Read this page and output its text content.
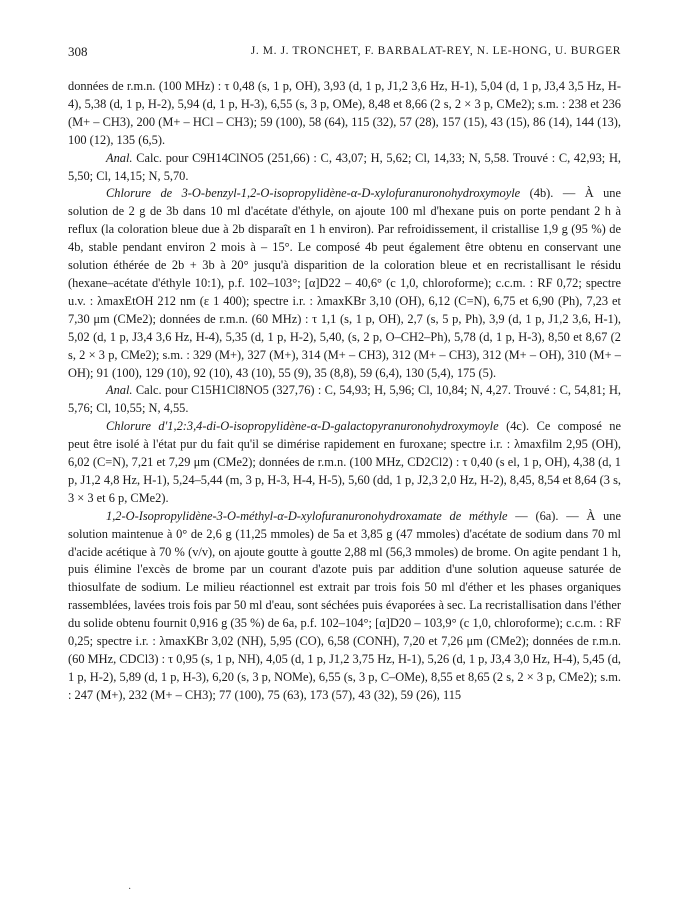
308	J. M. J. TRONCHET, F. BARBALAT-REY, N. LE-HONG, U. BURGER

données de r.m.n. (100 MHz) : τ 0,48 (s, 1 p, OH), 3,93 (d, 1 p, J1,2 3,6 Hz, H-1), 5,04 (d, 1 p, J3,4 3,5 Hz, H-4), 5,38 (d, 1 p, H-2), 5,94 (d, 1 p, H-3), 6,55 (s, 3 p, OMe), 8,48 et 8,66 (2 s, 2 × 3 p, CMe2); s.m. : 238 et 236 (M+ – CH3), 200 (M+ – HCl – CH3); 59 (100), 58 (64), 115 (32), 57 (28), 157 (15), 43 (15), 86 (14), 144 (13), 100 (12), 135 (6,5).

Anal. Calc. pour C9H14ClNO5 (251,66) : C, 43,07; H, 5,62; Cl, 14,33; N, 5,58. Trouvé : C, 42,93; H, 5,50; Cl, 14,15; N, 5,70.

Chlorure de 3-O-benzyl-1,2-O-isopropylidène-α-D-xylofuranuronohydroxymoyle (4b). — À une solution de 2 g de 3b dans 10 ml d'acétate d'éthyle, on ajoute 100 ml d'hexane puis on porte pendant 2 h à reflux (la coloration bleue due à 2b disparaît en 1 h environ). Par refroidissement, il cristallise 1,9 g (95 %) de 4b, stable pendant environ 2 mois à – 15°. Le composé 4b peut également être obtenu en conservant une solution éthérée de 2b + 3b à 20° jusqu'à disparition de la coloration bleue et en recristallisant le résidu (hexane–acétate d'éthyle 10:1), p.f. 102–103°; [α]D22 – 40,6° (c 1,0, chloroforme); c.c.m. : RF 0,72; spectre u.v. : λmaxEtOH 212 nm (ε 1 400); spectre i.r. : λmaxKBr 3,10 (OH), 6,12 (C=N), 6,75 et 6,90 (Ph), 7,23 et 7,30 μm (CMe2); données de r.m.n. (60 MHz) : τ 1,1 (s, 1 p, OH), 2,7 (s, 5 p, Ph), 3,9 (d, 1 p, J1,2 3,6, H-1), 5,02 (d, 1 p, J3,4 3,6 Hz, H-4), 5,35 (d, 1 p, H-2), 5,40, (s, 2 p, O–CH2–Ph), 5,78 (d, 1 p, H-3), 8,50 et 8,67 (2 s, 2 × 3 p, CMe2); s.m. : 329 (M+), 327 (M+), 314 (M+ – CH3), 312 (M+ – CH3), 312 (M+ – OH), 310 (M+ – OH); 91 (100), 129 (10), 92 (10), 43 (10), 55 (9), 35 (8,8), 59 (6,4), 130 (5,4), 175 (5).

Anal. Calc. pour C15H1Cl8NO5 (327,76) : C, 54,93; H, 5,96; Cl, 10,84; N, 4,27. Trouvé : C, 54,81; H, 5,76; Cl, 10,55; N, 4,55.

Chlorure d'1,2:3,4-di-O-isopropylidène-α-D-galactopyranuronohydroxymoyle (4c). Ce composé ne peut être isolé à l'état pur du fait qu'il se dimérise rapidement en furoxane; spectre i.r. : λmaxfilm 2,95 (OH), 6,02 (C=N), 7,21 et 7,29 μm (CMe2); données de r.m.n. (100 MHz, CD2Cl2) : τ 0,40 (s el, 1 p, OH), 4,38 (d, 1 p, J1,2 4,8 Hz, H-1), 5,24–5,44 (m, 3 p, H-3, H-4, H-5), 5,60 (dd, 1 p, J2,3 2,0 Hz, H-2), 8,45, 8,54 et 8,64 (3 s, 3 × 3 et 6 p, CMe2).

1,2-O-Isopropylidène-3-O-méthyl-α-D-xylofuranuronohydroxamate de méthyle — (6a). — À une solution maintenue à 0° de 2,6 g (11,25 mmoles) de 5a et 3,85 g (47 mmoles) d'acétate de sodium dans 70 ml d'acide acétique à 70 % (v/v), on ajoute goutte à goutte 2,88 ml (56,3 mmoles) de brome. On agite pendant 1 h, puis élimine l'excès de brome par un courant d'azote puis par addition d'une solution aqueuse saturée de thiosulfate de sodium. Le milieu réactionnel est extrait par trois fois 50 ml d'éther et les phases organiques rassemblées, lavées trois fois par 50 ml d'eau, sont séchées puis évaporées à sec. La recristallisation dans l'éther du solide obtenu fournit 0,916 g (35 %) de 6a, p.f. 102–104°; [α]D20 – 103,9° (c 1,0, chloroforme); c.c.m. : RF 0,25; spectre i.r. : λmaxKBr 3,02 (NH), 5,95 (CO), 6,58 (CONH), 7,20 et 7,26 μm (CMe2); données de r.m.n. (60 MHz, CDCl3) : τ 0,95 (s, 1 p, NH), 4,05 (d, 1 p, J1,2 3,75 Hz, H-1), 5,26 (d, 1 p, J3,4 3,0 Hz, H-4), 5,45 (d, 1 p, H-2), 5,89 (d, 1 p, H-3), 6,20 (s, 3 p, NOMe), 6,55 (s, 3 p, C–OMe), 8,55 et 8,65 (2 s, 2 × 3 p, CMe2); s.m. : 247 (M+), 232 (M+ – CH3); 77 (100), 75 (63), 173 (57), 43 (32), 59 (26), 115

·
